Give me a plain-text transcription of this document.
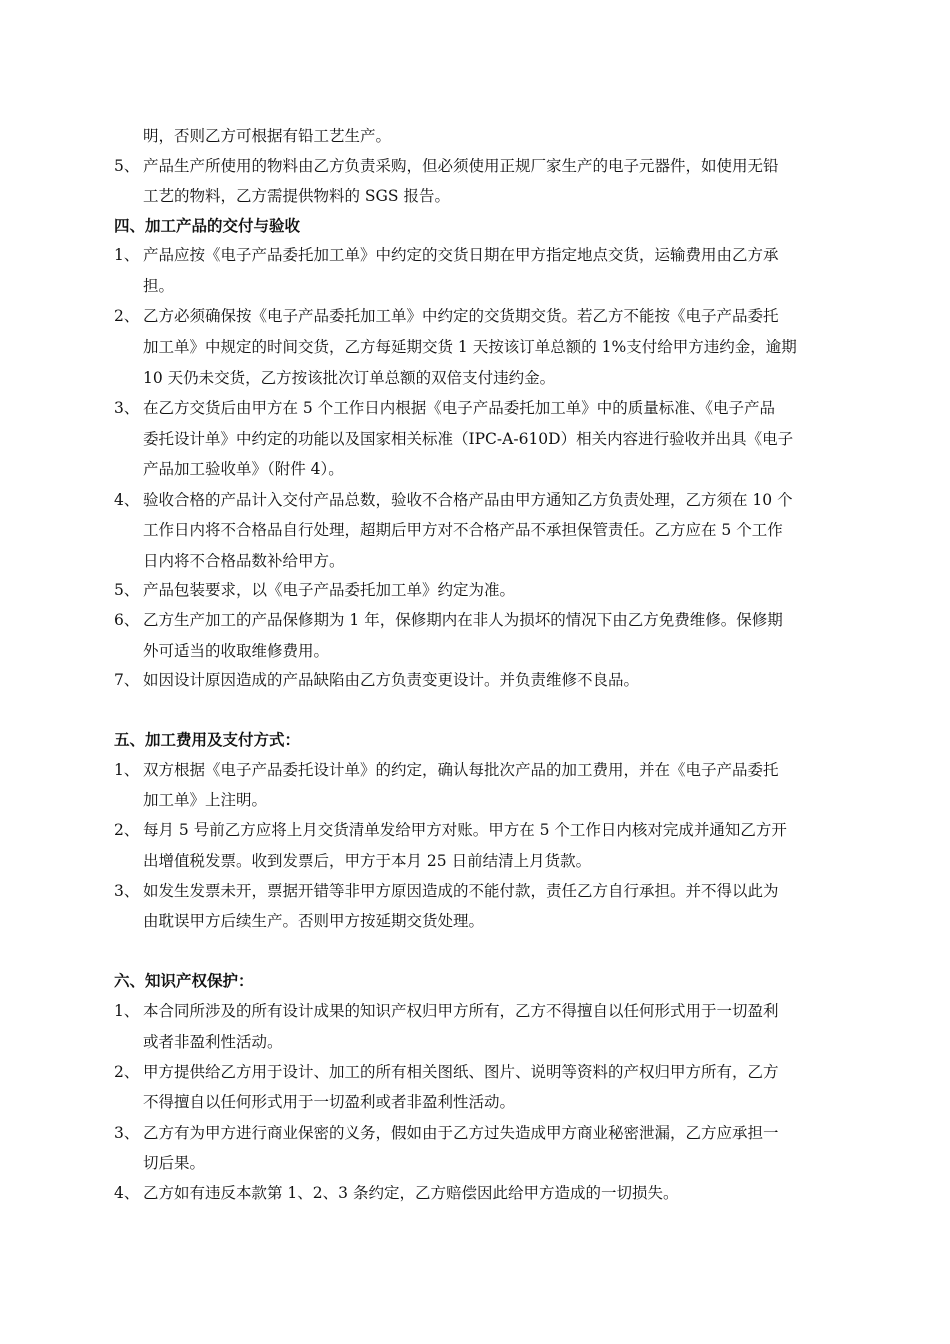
明，否则乙方可根据有铅工艺生产。
5、 产品生产所使用的物料由乙方负责采购，但必须使用正规厂家生产的电子元器件，如使用无铅
工艺的物料，乙方需提供物料的 SGS 报告。
四、加工产品的交付与验收
1、 产品应按《电子产品委托加工单》中约定的交货日期在甲方指定地点交货，运输费用由乙方承
担。
2、 乙方必须确保按《电子产品委托加工单》中约定的交货期交货。若乙方不能按《电子产品委托
加工单》中规定的时间交货，乙方每延期交货 1 天按该订单总额的 1%支付给甲方违约金，逾期
10 天仍未交货，乙方按该批次订单总额的双倍支付违约金。
3、 在乙方交货后由甲方在 5 个工作日内根据《电子产品委托加工单》中的质量标准、《电子产品
委托设计单》中约定的功能以及国家相关标准（IPC-A-610D）相关内容进行验收并出具《电子
产品加工验收单》（附件 4）。
4、 验收合格的产品计入交付产品总数，验收不合格产品由甲方通知乙方负责处理，乙方须在 10 个
工作日内将不合格品自行处理，超期后甲方对不合格产品不承担保管责任。乙方应在 5 个工作
日内将不合格品数补给甲方。
5、 产品包装要求，以《电子产品委托加工单》约定为准。
6、 乙方生产加工的产品保修期为 1 年，保修期内在非人为损坏的情况下由乙方免费维修。保修期
外可适当的收取维修费用。
7、 如因设计原因造成的产品缺陷由乙方负责变更设计。并负责维修不良品。
五、加工费用及支付方式：
1、 双方根据《电子产品委托设计单》的约定，确认每批次产品的加工费用，并在《电子产品委托
加工单》上注明。
2、 每月 5 号前乙方应将上月交货清单发给甲方对账。甲方在 5 个工作日内核对完成并通知乙方开
出增值税发票。收到发票后，甲方于本月 25 日前结清上月货款。
3、 如发生发票未开，票据开错等非甲方原因造成的不能付款，责任乙方自行承担。并不得以此为
由耽误甲方后续生产。否则甲方按延期交货处理。
六、知识产权保护：
1、 本合同所涉及的所有设计成果的知识产权归甲方所有，乙方不得擅自以任何形式用于一切盈利
或者非盈利性活动。
2、 甲方提供给乙方用于设计、加工的所有相关图纸、图片、说明等资料的产权归甲方所有，乙方
不得擅自以任何形式用于一切盈利或者非盈利性活动。
3、 乙方有为甲方进行商业保密的义务，假如由于乙方过失造成甲方商业秘密泄漏，乙方应承担一
切后果。
4、 乙方如有违反本款第 1、2、3 条约定，乙方赔偿因此给甲方造成的一切损失。
